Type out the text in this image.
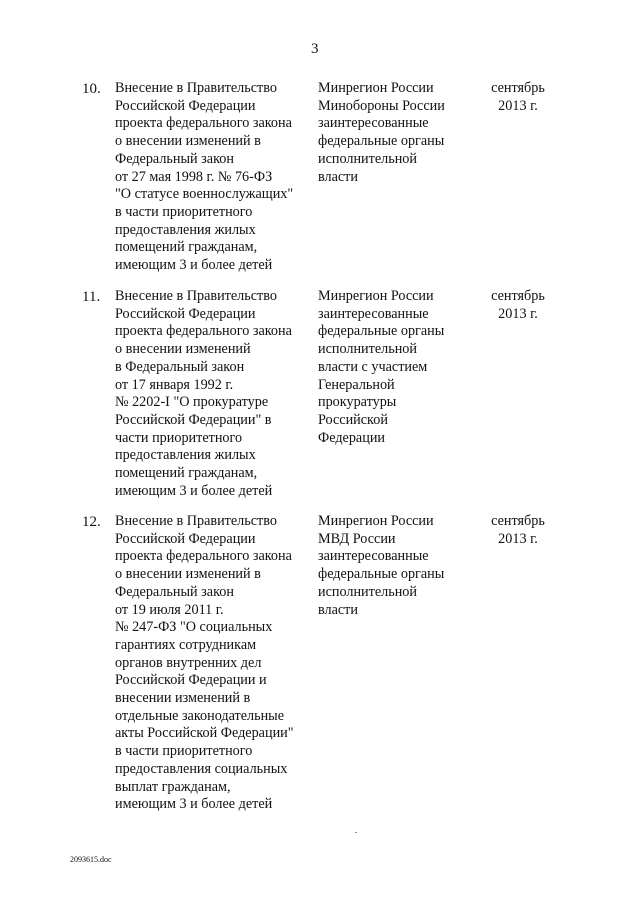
3
10. Внесение в Правительство
Российской Федерации
проекта федерального закона
о внесении изменений в
Федеральный закон
от 27 мая 1998 г. № 76-ФЗ
"О статусе военнослужащих"
в части приоритетного
предоставления жилых
помещений гражданам,
имеющим 3 и более детей
Минрегион России
Минобороны России
заинтересованные
федеральные органы
исполнительной
власти
сентябрь
2013 г.
11. Внесение в Правительство
Российской Федерации
проекта федерального закона
о внесении изменений
в Федеральный закон
от 17 января 1992 г.
№ 2202-I "О прокуратуре
Российской Федерации" в
части приоритетного
предоставления жилых
помещений гражданам,
имеющим 3 и более детей
Минрегион России
заинтересованные
федеральные органы
исполнительной
власти с участием
Генеральной
прокуратуры
Российской
Федерации
сентябрь
2013 г.
12. Внесение в Правительство
Российской Федерации
проекта федерального закона
о внесении изменений в
Федеральный закон
от 19 июля 2011 г.
№ 247-ФЗ "О социальных
гарантиях сотрудникам
органов внутренних дел
Российской Федерации и
внесении изменений в
отдельные законодательные
акты Российской Федерации"
в части приоритетного
предоставления социальных
выплат гражданам,
имеющим 3 и более детей
Минрегион России
МВД России
заинтересованные
федеральные органы
исполнительной
власти
сентябрь
2013 г.
2093615.doc
